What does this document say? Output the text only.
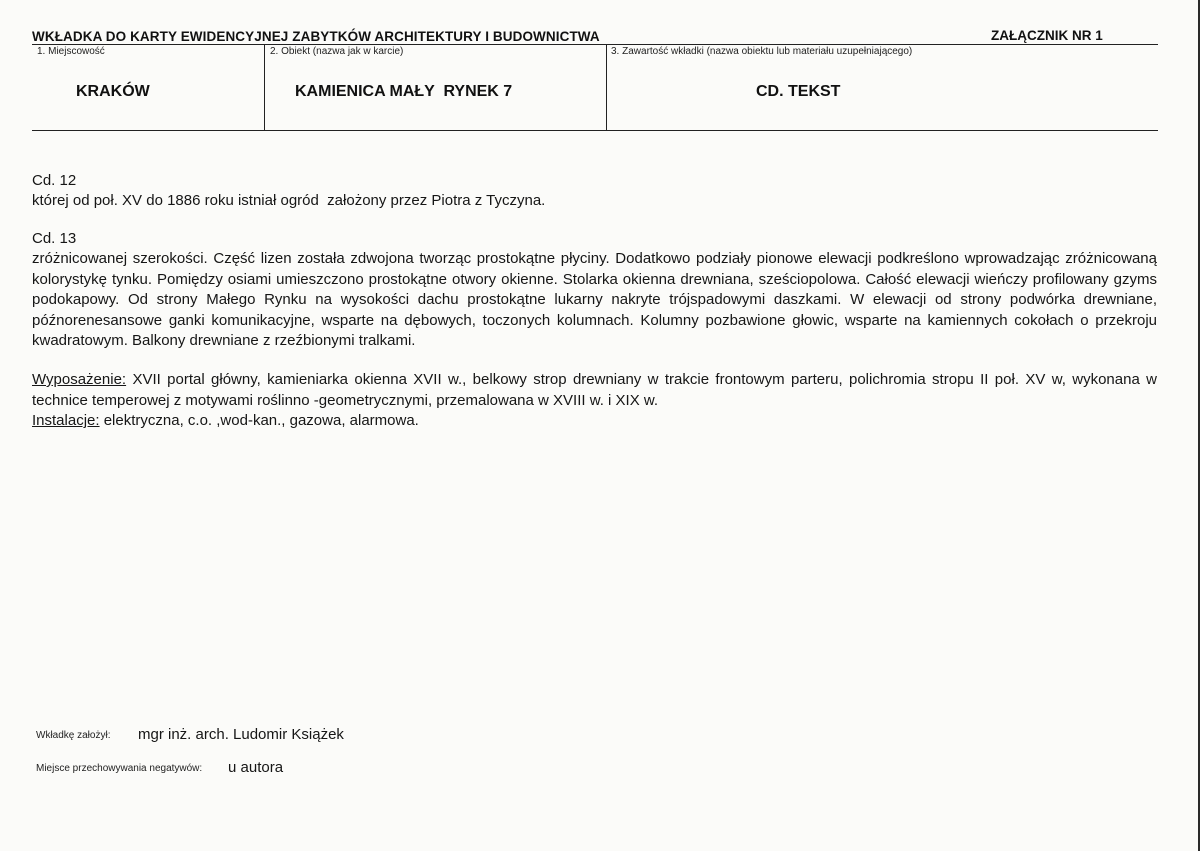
WKŁADKA DO KARTY EWIDENCYJNEJ ZABYTKÓW ARCHITEKTURY I BUDOWNICTWA	ZAŁĄCZNIK NR 1
1. Miejscowość
KRAKÓW
2. Obiekt (nazwa jak w karcie)
KAMIENICA MAŁY  RYNEK 7
3. Zawartość wkładki (nazwa obiektu lub materiału uzupełniającego)
CD. TEKST
Cd. 12
której od poł. XV do 1886 roku istniał ogród  założony przez Piotra z Tyczyna.
Cd. 13
zróżnicowanej szerokości. Część lizen została zdwojona tworząc prostokątne płyciny. Dodatkowo podziały pionowe elewacji podkreślono wprowadzając zróżnicowaną kolorystykę tynku. Pomiędzy osiami umieszczono prostokątne otwory okienne. Stolarka okienna drewniana, sześciopolowa. Całość elewacji wieńczy profilowany gzyms podokapowy. Od strony Małego Rynku na wysokości dachu prostokątne lukarny nakryte trójspadowymi daszkami. W elewacji od strony podwórka drewniane, późnorenesansowe ganki komunikacyjne, wsparte na dębowych, toczonych kolumnach. Kolumny pozbawione głowic, wsparte na kamiennych cokołach o przekroju kwadratowym. Balkony drewniane z rzeźbionymi tralkami.
Wyposażenie: XVII portal główny, kamieniarka okienna XVII w., belkowy strop drewniany w trakcie frontowym parteru, polichromia stropu II poł. XV w, wykonana w technice temperowej z motywami roślinno -geometrycznymi, przemalowana w XVIII w. i XIX w.
Instalacje: elektryczna, c.o. ,wod-kan., gazowa, alarmowa.
Wkładkę założył: mgr inż. arch. Ludomir Książek
Miejsce przechowywania negatywów: u autora
